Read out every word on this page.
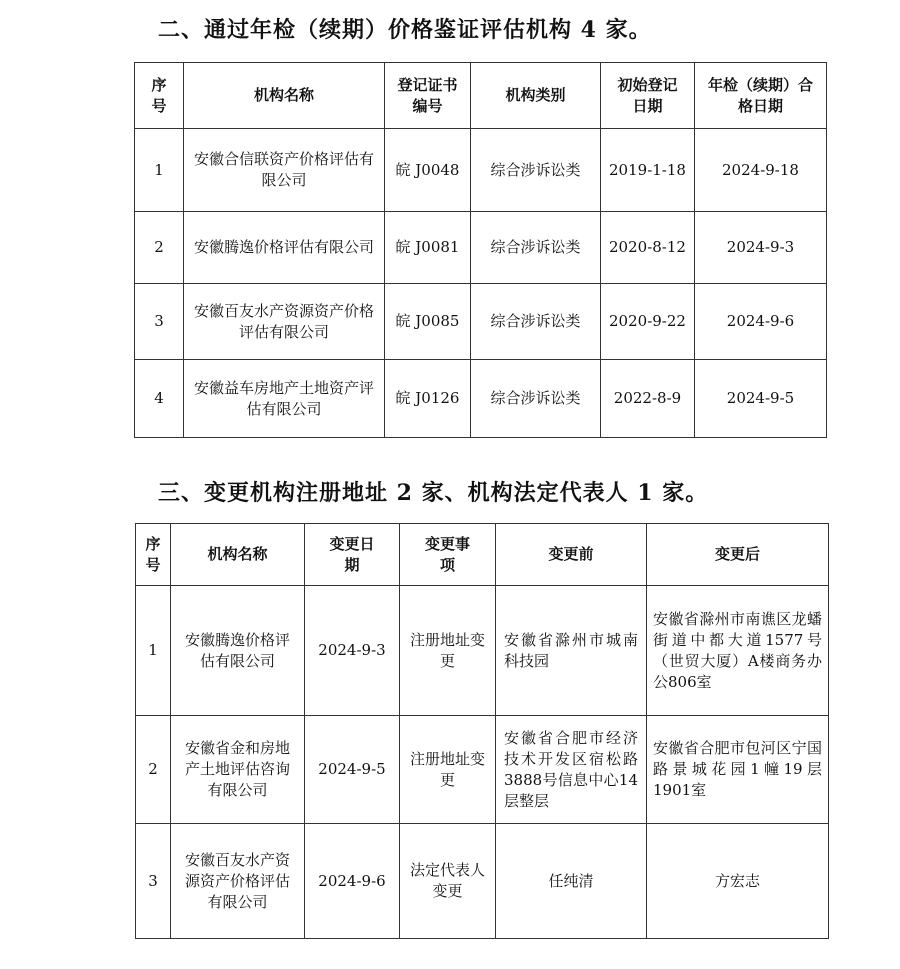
二、通过年检（续期）价格鉴证评估机构 4 家。
序号	机构名称	登记证书编号	机构类别	初始登记日期	年检（续期）合格日期
1	安徽合信联资产价格评估有限公司	皖 J0048	综合涉诉讼类	2019-1-18	2024-9-18
2	安徽腾逸价格评估有限公司	皖 J0081	综合涉诉讼类	2020-8-12	2024-9-3
3	安徽百友水产资源资产价格评估有限公司	皖 J0085	综合涉诉讼类	2020-9-22	2024-9-6
4	安徽益车房地产土地资产评估有限公司	皖 J0126	综合涉诉讼类	2022-8-9	2024-9-5
三、变更机构注册地址 2 家、机构法定代表人 1 家。
序号	机构名称	变更日期	变更事项	变更前	变更后
1	安徽腾逸价格评估有限公司	2024-9-3	注册地址变更	安徽省滁州市城南科技园	安徽省滁州市南谯区龙蟠街道中都大道1577号（世贸大厦）A楼商务办公806室
2	安徽省金和房地产土地评估咨询有限公司	2024-9-5	注册地址变更	安徽省合肥市经济技术开发区宿松路3888号信息中心14层整层	安徽省合肥市包河区宁国路景城花园1幢19层1901室
3	安徽百友水产资源资产价格评估有限公司	2024-9-6	法定代表人变更	任纯清	方宏志
